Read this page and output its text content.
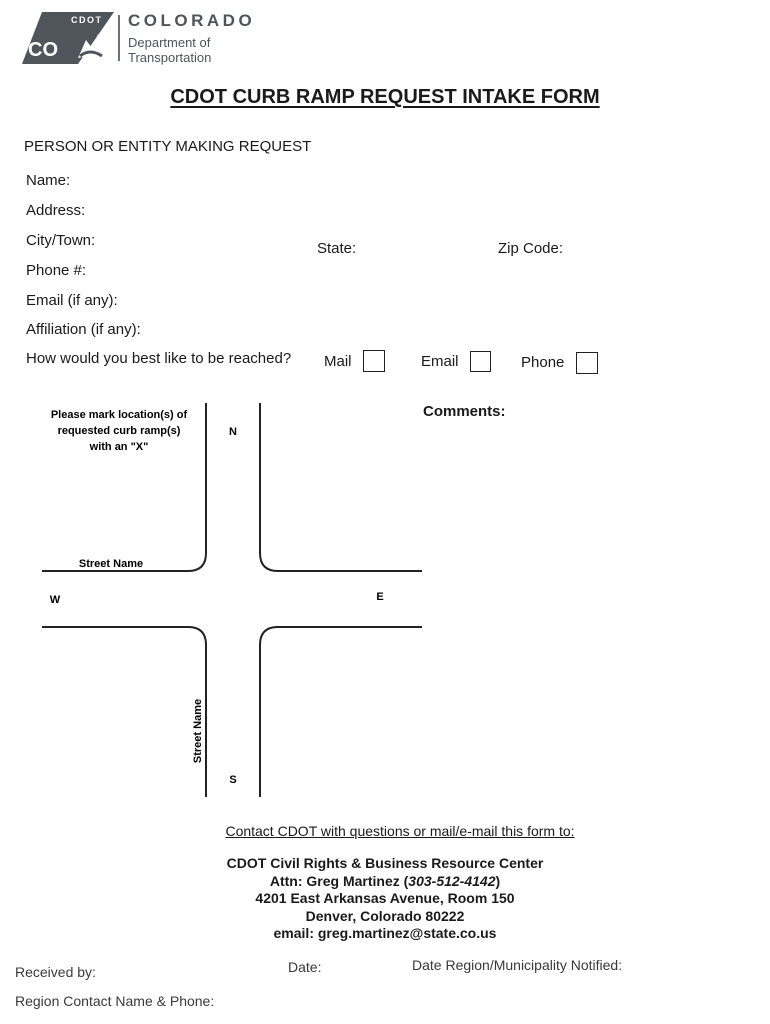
CDOT
CO
COLORADO
Department of
Transportation
CDOT CURB RAMP REQUEST INTAKE FORM
PERSON OR ENTITY MAKING REQUEST
Name:
Address:
City/Town:	State:	Zip Code:
Phone #:
Email (if any):
Affiliation (if any):
How would you best like to be reached? Mail	Email	Phone
Please mark location(s) of
requested curb ramp(s)
with an "X"
N
S
E
W
Street Name
Street Name
Comments:
Contact CDOT with questions or mail/e-mail this form to:
CDOT Civil Rights & Business Resource Center
Attn: Greg Martinez (303-512-4142)
4201 East Arkansas Avenue, Room 150
Denver, Colorado 80222
email: greg.martinez@state.co.us
Received by:	Date:	Date Region/Municipality Notified:
Region Contact Name & Phone:
